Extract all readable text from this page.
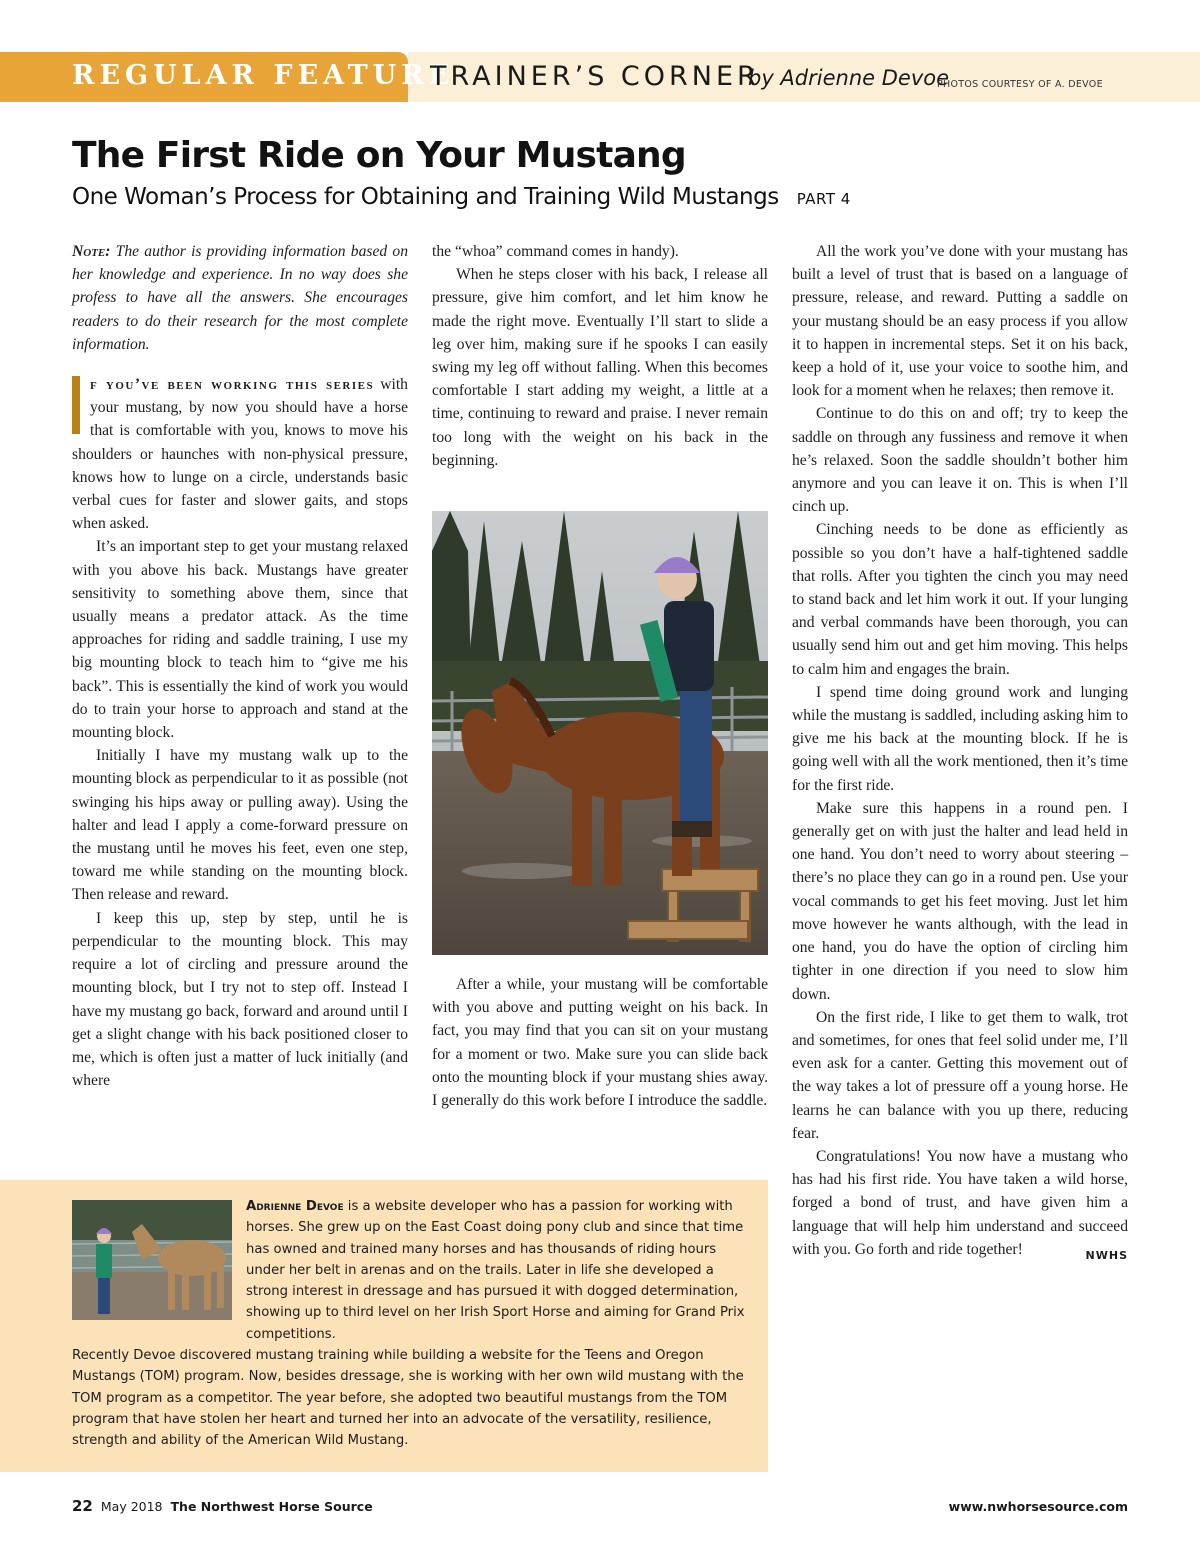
REGULAR FEATURE
TRAINER’S CORNER
by Adrienne Devoe
PHOTOS COURTESY OF A. DEVOE
The First Ride on Your Mustang
One Woman’s Process for Obtaining and Training Wild Mustangs PART 4

Note: The author is providing information based on her knowledge and experience. In no way does she profess to have all the answers. She encourages readers to do their research for the most complete information.

f you’ve been working this series with your mustang, by now you should have a horse that is comfortable with you, knows to move his shoulders or haunches with non-physical pressure, knows how to lunge on a circle, understands basic verbal cues for faster and slower gaits, and stops when asked.

It’s an important step to get your mustang relaxed with you above his back. Mustangs have greater sensitivity to something above them, since that usually means a predator attack. As the time approaches for riding and saddle training, I use my big mounting block to teach him to “give me his back”. This is essentially the kind of work you would do to train your horse to approach and stand at the mounting block.

Initially I have my mustang walk up to the mounting block as perpendicular to it as possible (not swinging his hips away or pulling away). Using the halter and lead I apply a come-forward pressure on the mustang until he moves his feet, even one step, toward me while standing on the mounting block. Then release and reward.

I keep this up, step by step, until he is perpendicular to the mounting block. This may require a lot of circling and pressure around the mounting block, but I try not to step off. Instead I have my mustang go back, forward and around until I get a slight change with his back positioned closer to me, which is often just a matter of luck initially (and where

the “whoa” command comes in handy).

When he steps closer with his back, I release all pressure, give him comfort, and let him know he made the right move. Eventually I’ll start to slide a leg over him, making sure if he spooks I can easily swing my leg off without falling. When this becomes comfortable I start adding my weight, a little at a time, continuing to reward and praise. I never remain too long with the weight on his back in the beginning.

After a while, your mustang will be comfortable with you above and putting weight on his back. In fact, you may find that you can sit on your mustang for a moment or two. Make sure you can slide back onto the mounting block if your mustang shies away. I generally do this work before I introduce the saddle.

All the work you’ve done with your mustang has built a level of trust that is based on a language of pressure, release, and reward. Putting a saddle on your mustang should be an easy process if you allow it to happen in incremental steps. Set it on his back, keep a hold of it, use your voice to soothe him, and look for a moment when he relaxes; then remove it.

Continue to do this on and off; try to keep the saddle on through any fussiness and remove it when he’s relaxed. Soon the saddle shouldn’t bother him anymore and you can leave it on. This is when I’ll cinch up.

Cinching needs to be done as efficiently as possible so you don’t have a half-tightened saddle that rolls. After you tighten the cinch you may need to stand back and let him work it out. If your lunging and verbal commands have been thorough, you can usually send him out and get him moving. This helps to calm him and engages the brain.

I spend time doing ground work and lunging while the mustang is saddled, including asking him to give me his back at the mounting block. If he is going well with all the work mentioned, then it’s time for the first ride.

Make sure this happens in a round pen. I generally get on with just the halter and lead held in one hand. You don’t need to worry about steering – there’s no place they can go in a round pen. Use your vocal commands to get his feet moving. Just let him move however he wants although, with the lead in one hand, you do have the option of circling him tighter in one direction if you need to slow him down.

On the first ride, I like to get them to walk, trot and sometimes, for ones that feel solid under me, I’ll even ask for a canter. Getting this movement out of the way takes a lot of pressure off a young horse. He learns he can balance with you up there, reducing fear.

Congratulations! You now have a mustang who has had his first ride. You have taken a wild horse, forged a bond of trust, and have given him a language that will help him understand and succeed with you. Go forth and ride together!	NWHS

Adrienne Devoe is a website developer who has a passion for working with horses. She grew up on the East Coast doing pony club and since that time has owned and trained many horses and has thousands of riding hours under her belt in arenas and on the trails. Later in life she developed a strong interest in dressage and has pursued it with dogged determination, showing up to third level on her Irish Sport Horse and aiming for Grand Prix competitions.
Recently Devoe discovered mustang training while building a website for the Teens and Oregon Mustangs (TOM) program. Now, besides dressage, she is working with her own wild mustang with the TOM program as a competitor. The year before, she adopted two beautiful mustangs from the TOM program that have stolen her heart and turned her into an advocate of the versatility, resilience, strength and ability of the American Wild Mustang.
22 May 2018 The Northwest Horse Source	www.nwhorsesource.com
